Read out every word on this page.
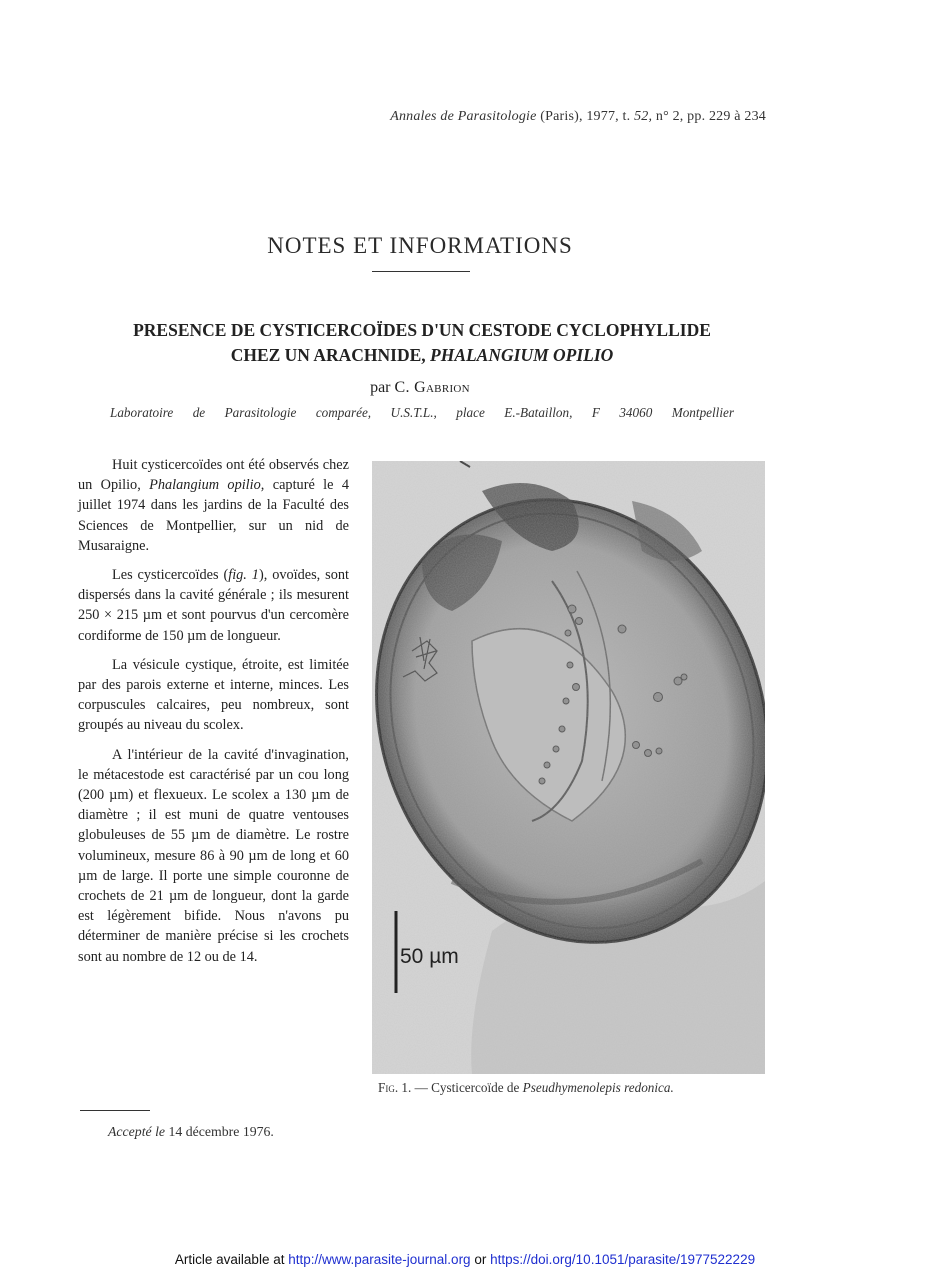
Annales de Parasitologie (Paris), 1977, t. 52, n° 2, pp. 229 à 234
NOTES ET INFORMATIONS
PRESENCE DE CYSTICERCOÏDES D'UN CESTODE CYCLOPHYLLIDE
CHEZ UN ARACHNIDE, PHALANGIUM OPILIO
par C. Gabrion
Laboratoire de Parasitologie comparée, U.S.T.L., place E.-Bataillon, F 34060 Montpellier

Huit cysticercoïdes ont été observés chez un Opilio, Phalangium opilio, capturé le 4 juillet 1974 dans les jardins de la Faculté des Sciences de Montpellier, sur un nid de Musaraigne.

Les cysticercoïdes (fig. 1), ovoïdes, sont dispersés dans la cavité générale ; ils mesurent 250 × 215 µm et sont pourvus d'un cercomère cordiforme de 150 µm de longueur.

La vésicule cystique, étroite, est limitée par des parois externe et interne, minces. Les corpuscules calcaires, peu nombreux, sont groupés au niveau du scolex.

A l'intérieur de la cavité d'invagination, le métacestode est caractérisé par un cou long (200 µm) et flexueux. Le scolex a 130 µm de diamètre ; il est muni de quatre ventouses globuleuses de 55 µm de diamètre. Le rostre volumineux, mesure 86 à 90 µm de long et 60 µm de large. Il porte une simple couronne de crochets de 21 µm de longueur, dont la garde est légèrement bifide. Nous n'avons pu déterminer de manière précise si les crochets sont au nombre de 12 ou de 14.	50 µm
Fig. 1. — Cysticercoïde de Pseudhymenolepis redonica.
Accepté le 14 décembre 1976.
Article available at http://www.parasite-journal.org or https://doi.org/10.1051/parasite/1977522229
